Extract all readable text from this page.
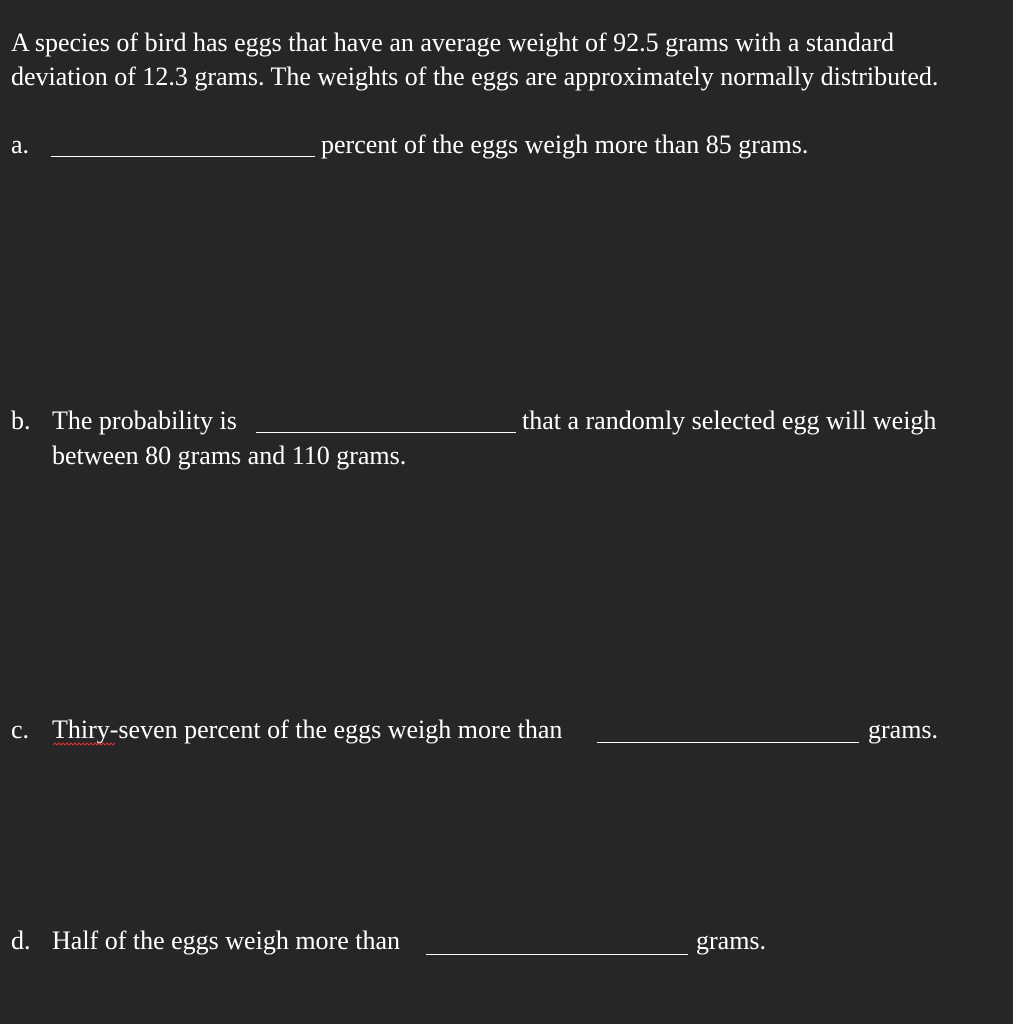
A species of bird has eggs that have an average weight of 92.5 grams with a standard
deviation of 12.3 grams. The weights of the eggs are approximately normally distributed.
a.	percent of the eggs weigh more than 85 grams.
b. The probability is	that a randomly selected egg will weigh
between 80 grams and 110 grams.
c. Thiry-seven percent of the eggs weigh more than	grams.
d. Half of the eggs weigh more than	grams.
